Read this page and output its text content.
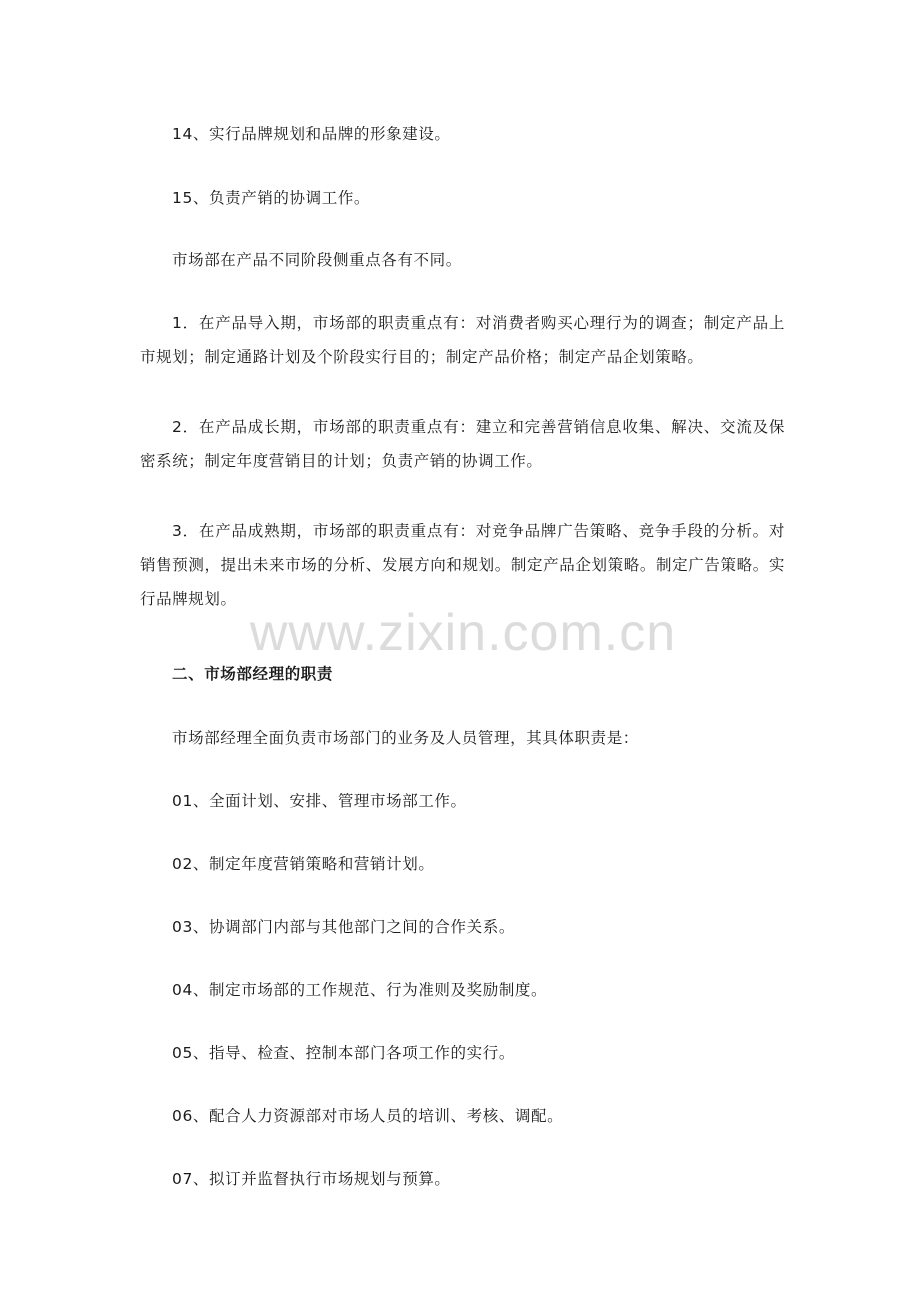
14、实行品牌规划和品牌的形象建设。

15、负责产销的协调工作。

市场部在产品不同阶段侧重点各有不同。

1．在产品导入期，市场部的职责重点有：对消费者购买心理行为的调查；制定产品上市规划；制定通路计划及个阶段实行目的；制定产品价格；制定产品企划策略。

2．在产品成长期，市场部的职责重点有：建立和完善营销信息收集、解决、交流及保密系统；制定年度营销目的计划；负责产销的协调工作。

3．在产品成熟期，市场部的职责重点有：对竞争品牌广告策略、竞争手段的分析。对销售预测，提出未来市场的分析、发展方向和规划。制定产品企划策略。制定广告策略。实行品牌规划。

www.zixin.com.cn

二、市场部经理的职责

市场部经理全面负责市场部门的业务及人员管理，其具体职责是：

01、全面计划、安排、管理市场部工作。

02、制定年度营销策略和营销计划。

03、协调部门内部与其他部门之间的合作关系。

04、制定市场部的工作规范、行为准则及奖励制度。

05、指导、检查、控制本部门各项工作的实行。

06、配合人力资源部对市场人员的培训、考核、调配。

07、拟订并监督执行市场规划与预算。
